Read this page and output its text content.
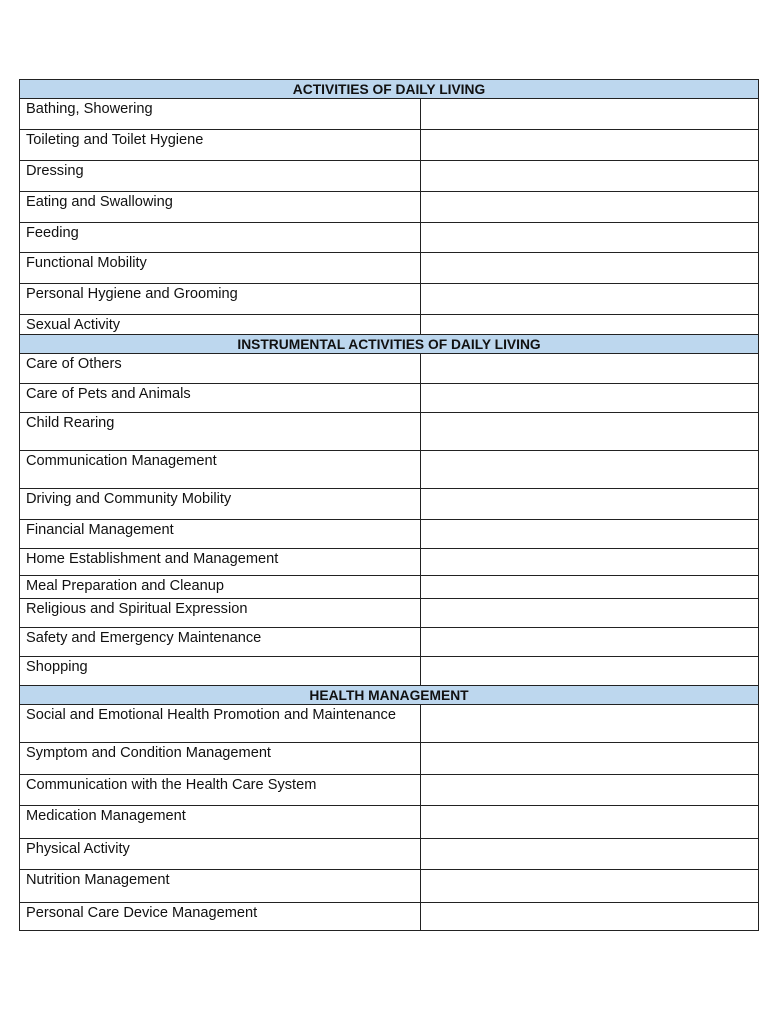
ACTIVITIES OF DAILY LIVING	

Bathing, Showering	

Toileting and Toilet Hygiene	

Dressing	

Eating and Swallowing	

Feeding	

Functional Mobility	

Personal Hygiene and Grooming	

Sexual Activity	

INSTRUMENTAL ACTIVITIES OF DAILY LIVING	

Care of Others	

Care of Pets and Animals	

Child Rearing	

Communication Management	

Driving and Community Mobility	

Financial Management	

Home Establishment and Management	

Meal Preparation and Cleanup	

Religious and Spiritual Expression	

Safety and Emergency Maintenance	

Shopping	

HEALTH MANAGEMENT	

Social and Emotional Health Promotion and Maintenance	

Symptom and Condition Management	

Communication with the Health Care System	

Medication Management	

Physical Activity	

Nutrition Management	

Personal Care Device Management	
